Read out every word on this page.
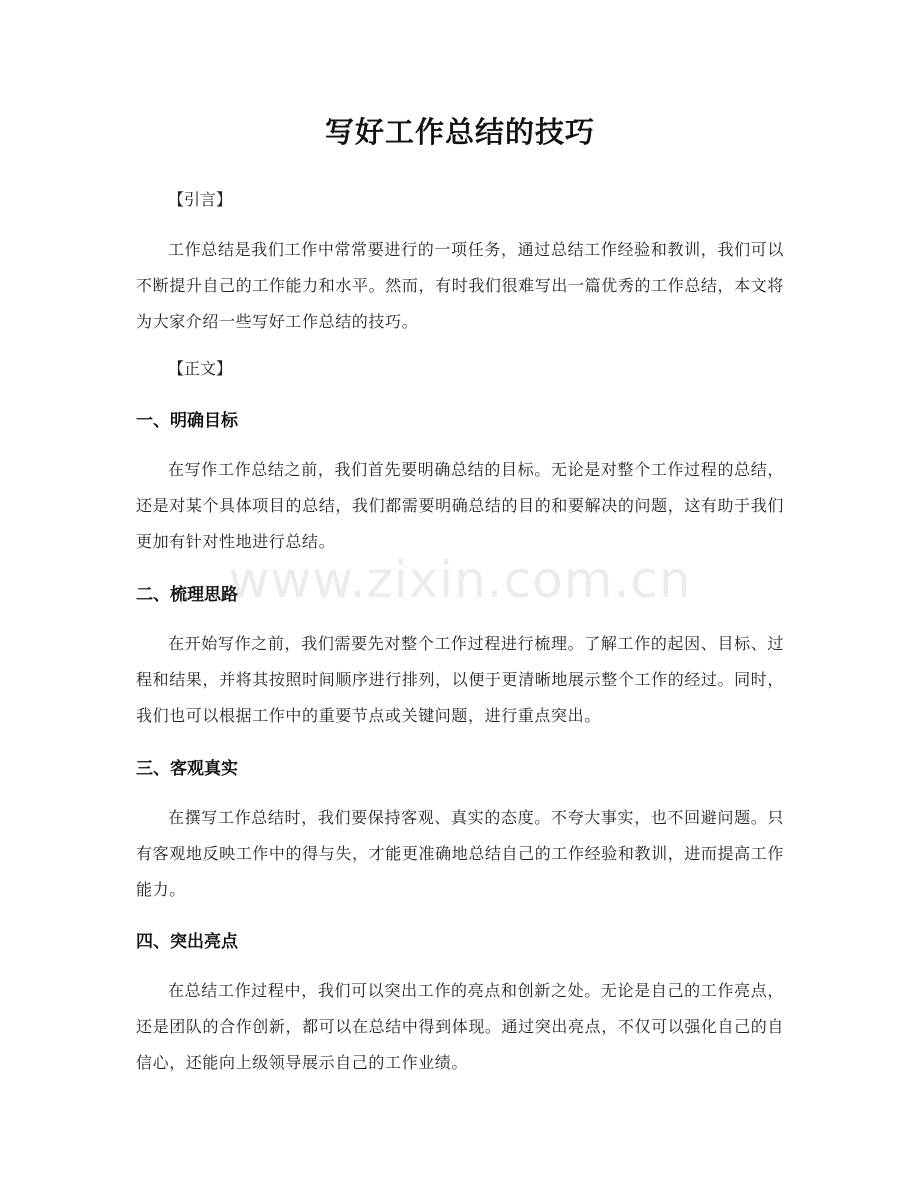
写好工作总结的技巧

【引言】

工作总结是我们工作中常常要进行的一项任务，通过总结工作经验和教训，我们可以不断提升自己的工作能力和水平。然而，有时我们很难写出一篇优秀的工作总结，本文将为大家介绍一些写好工作总结的技巧。

【正文】

一、明确目标

在写作工作总结之前，我们首先要明确总结的目标。无论是对整个工作过程的总结，还是对某个具体项目的总结，我们都需要明确总结的目的和要解决的问题，这有助于我们更加有针对性地进行总结。

二、梳理思路

在开始写作之前，我们需要先对整个工作过程进行梳理。了解工作的起因、目标、过程和结果，并将其按照时间顺序进行排列，以便于更清晰地展示整个工作的经过。同时，我们也可以根据工作中的重要节点或关键问题，进行重点突出。

三、客观真实

在撰写工作总结时，我们要保持客观、真实的态度。不夸大事实，也不回避问题。只有客观地反映工作中的得与失，才能更准确地总结自己的工作经验和教训，进而提高工作能力。

四、突出亮点

在总结工作过程中，我们可以突出工作的亮点和创新之处。无论是自己的工作亮点，还是团队的合作创新，都可以在总结中得到体现。通过突出亮点，不仅可以强化自己的自信心，还能向上级领导展示自己的工作业绩。

www.zixin.com.cn
